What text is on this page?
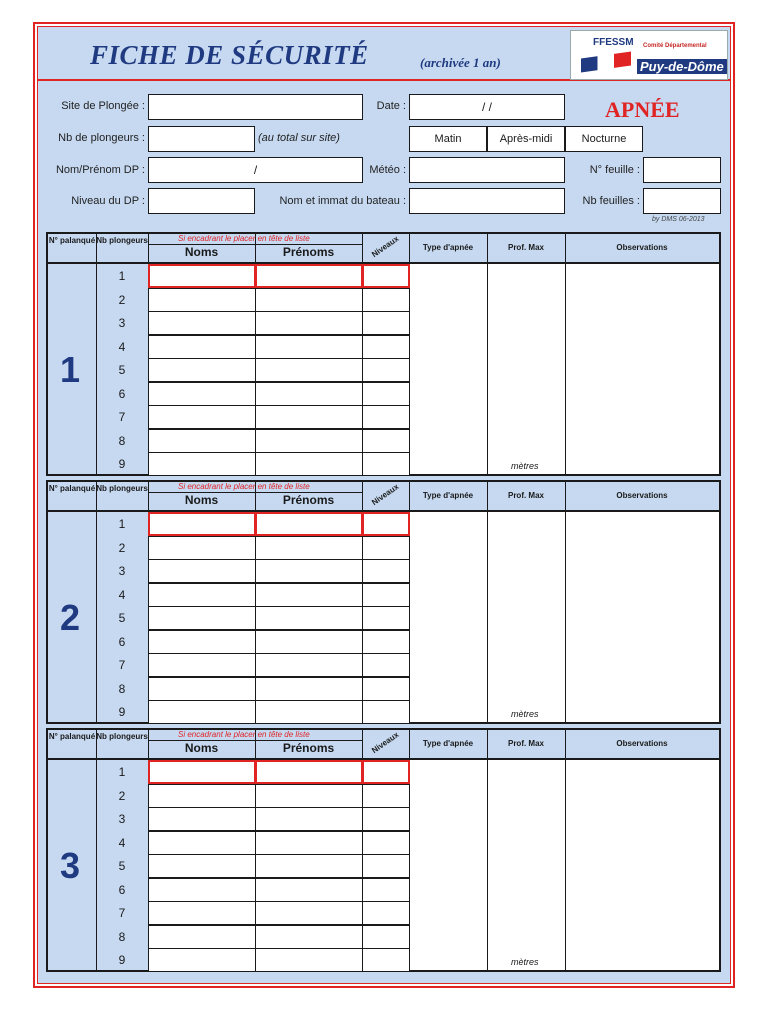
FICHE DE SÉCURITÉ	(archivée 1 an)
FFESSM Comité Départemental
Puy-de-Dôme
Site de Plongée :	Date :	/ /	APNÉE
Nb de plongeurs :	(au total sur site)	Matin	Après-midi	Nocturne
Nom/Prénom DP :	/	Météo :	N° feuille :
Niveau du DP :	Nom et immat du bateau :	Nb feuilles :
by DMS 06-2013
N° palanqué Nb plongeurs	Si encadrant le placer en tête de liste
Noms	Prénoms	Niveaux	Type d'apnée	Prof. Max	Observations
1
1
2
3
4
5
6
7
8
9	mètres
N° palanqué Nb plongeurs	Si encadrant le placer en tête de liste
Noms	Prénoms	Niveaux	Type d'apnée	Prof. Max	Observations
2
1
2
3
4
5
6
7
8
9	mètres
N° palanqué Nb plongeurs	Si encadrant le placer en tête de liste
Noms	Prénoms	Niveaux	Type d'apnée	Prof. Max	Observations
3
1
2
3
4
5
6
7
8
9	mètres
